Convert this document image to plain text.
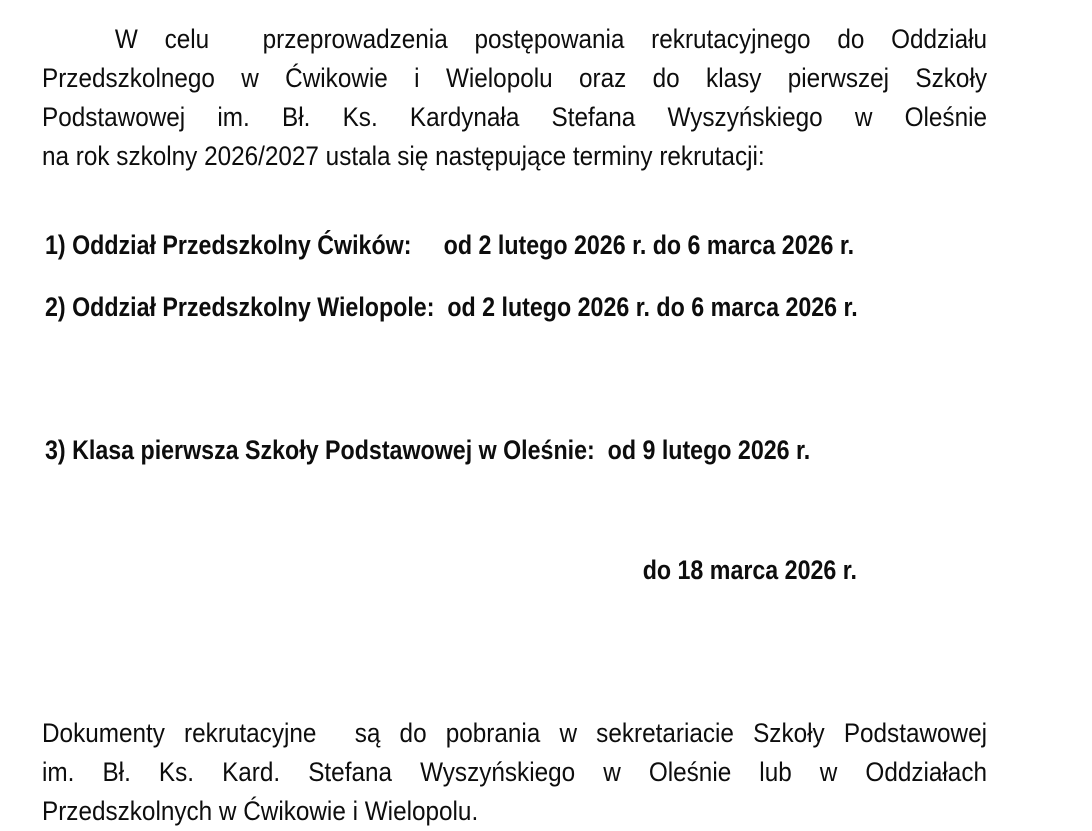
W celu  przeprowadzenia postępowania rekrutacyjnego do Oddziału
Przedszkolnego w Ćwikowie i Wielopolu oraz do klasy pierwszej Szkoły
Podstawowej im. Bł. Ks. Kardynała Stefana Wyszyńskiego w Oleśnie
na rok szkolny 2026/2027 ustala się następujące terminy rekrutacji:
1) Oddział Przedszkolny Ćwików:     od 2 lutego 2026 r. do 6 marca 2026 r.
2) Oddział Przedszkolny Wielopole:  od 2 lutego 2026 r. do 6 marca 2026 r.

3) Klasa pierwsza Szkoły Podstawowej w Oleśnie:  od 9 lutego 2026 r.

do 18 marca 2026 r.

Dokumenty rekrutacyjne  są do pobrania w sekretariacie Szkoły Podstawowej
im. Bł. Ks. Kard. Stefana Wyszyńskiego w Oleśnie lub w Oddziałach
Przedszkolnych w Ćwikowie i Wielopolu.
